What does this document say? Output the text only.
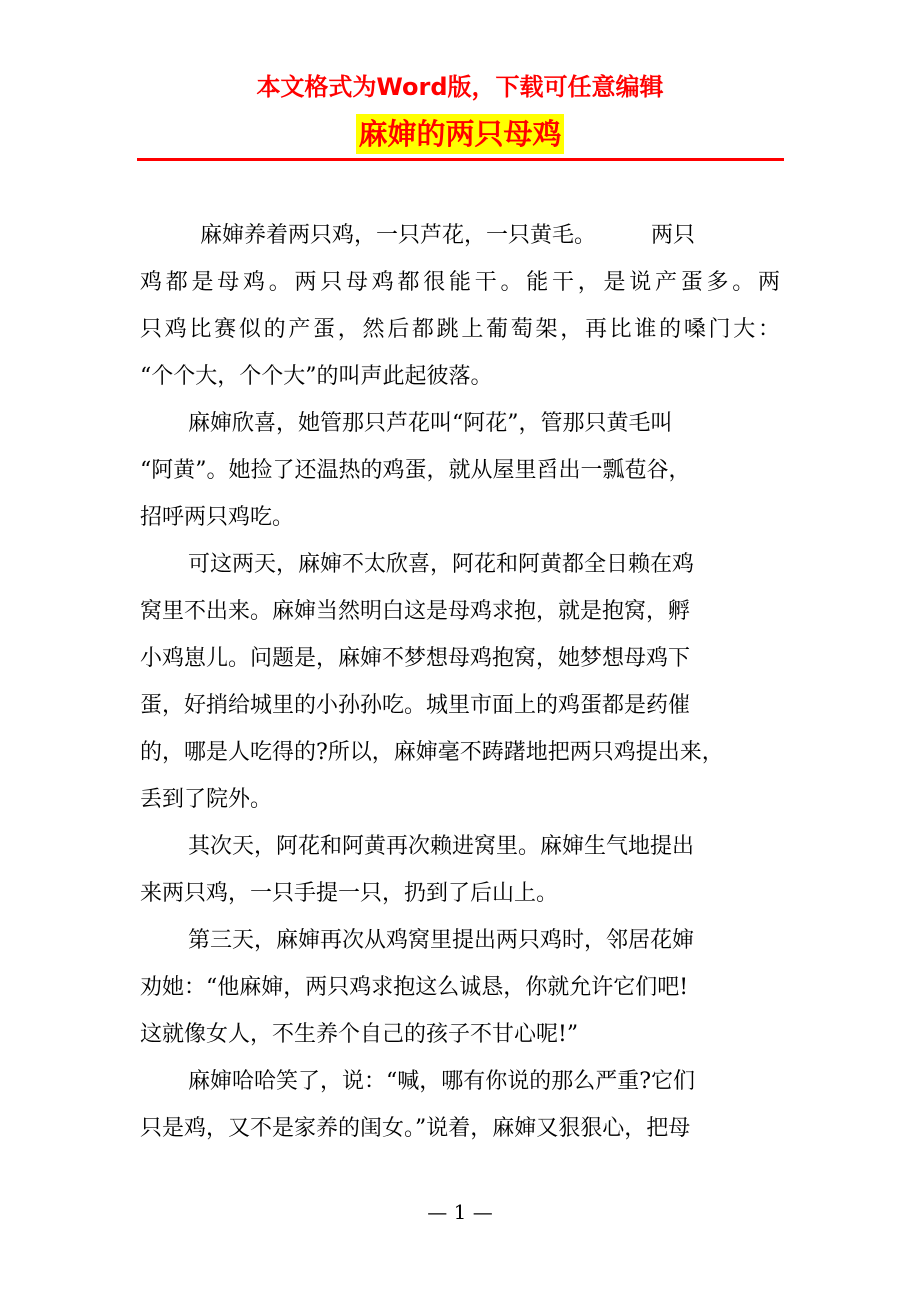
本文格式为Word版，下载可任意编辑
麻婶的两只母鸡
麻婶养着两只鸡，一只芦花，一只黄毛。　　　两只
鸡都是母鸡。两只母鸡都很能干。能干，是说产蛋多。两
只鸡比赛似的产蛋，然后都跳上葡萄架，再比谁的嗓门大：
“个个大，个个大”的叫声此起彼落。
麻婶欣喜，她管那只芦花叫“阿花”，管那只黄毛叫
“阿黄”。她捡了还温热的鸡蛋，就从屋里舀出一瓢苞谷，
招呼两只鸡吃。
可这两天，麻婶不太欣喜，阿花和阿黄都全日赖在鸡
窝里不出来。麻婶当然明白这是母鸡求抱，就是抱窝，孵
小鸡崽儿。问题是，麻婶不梦想母鸡抱窝，她梦想母鸡下
蛋，好捎给城里的小孙孙吃。城里市面上的鸡蛋都是药催
的，哪是人吃得的?所以，麻婶毫不踌躇地把两只鸡提出来，
丢到了院外。
其次天，阿花和阿黄再次赖进窝里。麻婶生气地提出
来两只鸡，一只手提一只，扔到了后山上。
第三天，麻婶再次从鸡窝里提出两只鸡时，邻居花婶
劝她：“他麻婶，两只鸡求抱这么诚恳，你就允许它们吧!
这就像女人，不生养个自己的孩子不甘心呢!”
麻婶哈哈笑了，说：“喊，哪有你说的那么严重?它们
只是鸡，又不是家养的闺女。”说着，麻婶又狠狠心，把母
— 1 —
